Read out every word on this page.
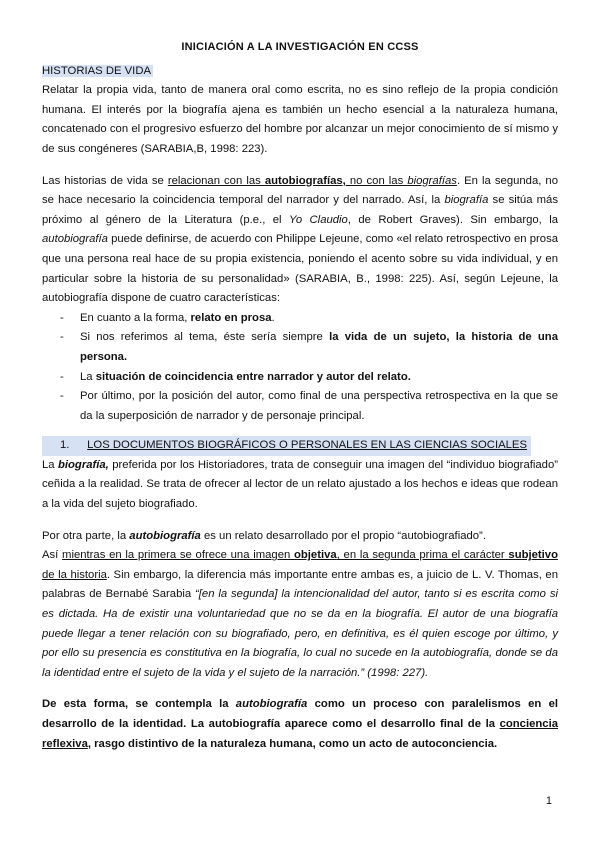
INICIACIÓN A LA INVESTIGACIÓN EN CCSS
HISTORIAS DE VIDA

Relatar la propia vida, tanto de manera oral como escrita, no es sino reflejo de la propia condición humana. El interés por la biografía ajena es también un hecho esencial a la naturaleza humana, concatenado con el progresivo esfuerzo del hombre por alcanzar un mejor conocimiento de sí mismo y de sus congéneres (SARABIA,B, 1998: 223).

Las historias de vida se relacionan con las autobiografías, no con las biografías. En la segunda, no se hace necesario la coincidencia temporal del narrador y del narrado. Así, la biografía se sitúa más próximo al género de la Literatura (p.e., el Yo Claudio, de Robert Graves). Sin embargo, la autobiografía puede definirse, de acuerdo con Philippe Lejeune, como «el relato retrospectivo en prosa que una persona real hace de su propia existencia, poniendo el acento sobre su vida individual, y en particular sobre la historia de su personalidad» (SARABIA, B., 1998: 225). Así, según Lejeune, la autobiografía dispone de cuatro características:

- En cuanto a la forma, relato en prosa.
- Si nos referimos al tema, éste sería siempre la vida de un sujeto, la historia de una persona.
- La situación de coincidencia entre narrador y autor del relato.
- Por último, por la posición del autor, como final de una perspectiva retrospectiva en la que se da la superposición de narrador y de personaje principal.
1. LOS DOCUMENTOS BIOGRÁFICOS O PERSONALES EN LAS CIENCIAS SOCIALES

La biografía, preferida por los Historiadores, trata de conseguir una imagen del “individuo biografiado” ceñida a la realidad. Se trata de ofrecer al lector de un relato ajustado a los hechos e ideas que rodean a la vida del sujeto biografiado.

Por otra parte, la autobiografía es un relato desarrollado por el propio “autobiografiado”.
Así mientras en la primera se ofrece una imagen objetiva, en la segunda prima el carácter subjetivo de la historia. Sin embargo, la diferencia más importante entre ambas es, a juicio de L. V. Thomas, en palabras de Bernabé Sarabia “[en la segunda] la intencionalidad del autor, tanto si es escrita como si es dictada. Ha de existir una voluntariedad que no se da en la biografía. El autor de una biografía puede llegar a tener relación con su biografiado, pero, en definitiva, es él quien escoge por último, y por ello su presencia es constitutiva en la biografía, lo cual no sucede en la autobiografía, donde se da la identidad entre el sujeto de la vida y el sujeto de la narración.” (1998: 227).

De esta forma, se contempla la autobiografía como un proceso con paralelismos en el desarrollo de la identidad. La autobiografía aparece como el desarrollo final de la conciencia reflexiva, rasgo distintivo de la naturaleza humana, como un acto de autoconciencia.

1
